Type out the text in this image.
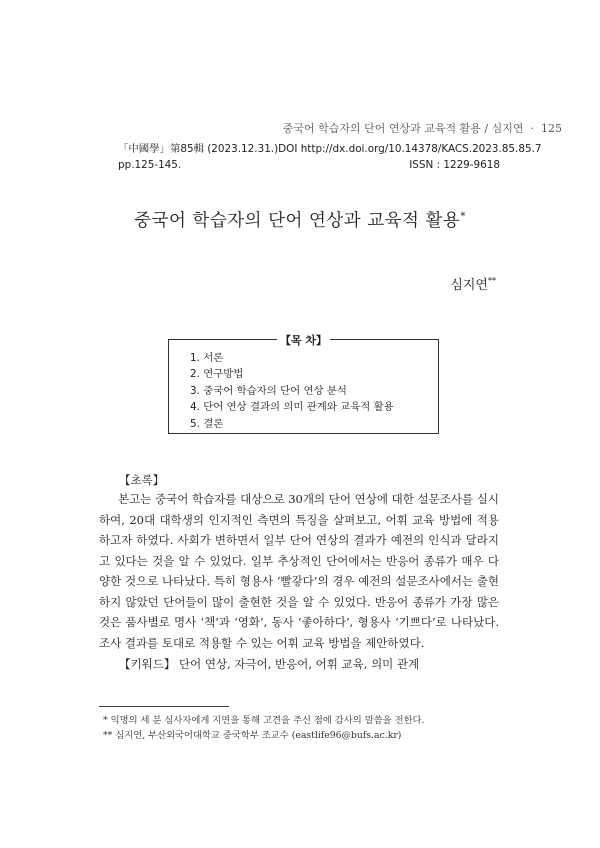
중국어 학습자의 단어 연상과 교육적 활용 / 심지연 · 125
「中國學」第85輯 (2023.12.31.) DOI http://dx.doi.org/10.14378/KACS.2023.85.85.7
pp.125-145.	ISSN : 1229-9618
중국어 학습자의 단어 연상과 교육적 활용*
심지연**
【목 차】
1. 서론
2. 연구방법
3. 중국어 학습자의 단어 연상 분석
4. 단어 연상 결과의 의미 관계와 교육적 활용
5. 결론
【초록】

본고는 중국어 학습자를 대상으로 30개의 단어 연상에 대한 설문조사를 실시하여, 20대 대학생의 인지적인 측면의 특징을 살펴보고, 어휘 교육 방법에 적용하고자 하였다. 사회가 변하면서 일부 단어 연상의 결과가 예전의 인식과 달라지고 있다는 것을 알 수 있었다. 일부 추상적인 단어에서는 반응어 종류가 매우 다양한 것으로 나타났다. 특히 형용사 ‘빨갛다’의 경우 예전의 설문조사에서는 출현하지 않았던 단어들이 많이 출현한 것을 알 수 있었다. 반응어 종류가 가장 많은 것은 품사별로 명사 ‘책’과 ‘영화’, 동사 ‘좋아하다’, 형용사 ‘기쁘다’로 나타났다. 조사 결과를 토대로 적용할 수 있는 어휘 교육 방법을 제안하였다.

【키워드】 단어 연상, 자극어, 반응어, 어휘 교육, 의미 관계
* 익명의 세 분 심사자에게 지면을 통해 고견을 주신 점에 감사의 말씀을 전한다.
** 심지연, 부산외국어대학교 중국학부 조교수 (eastlife96@bufs.ac.kr)
